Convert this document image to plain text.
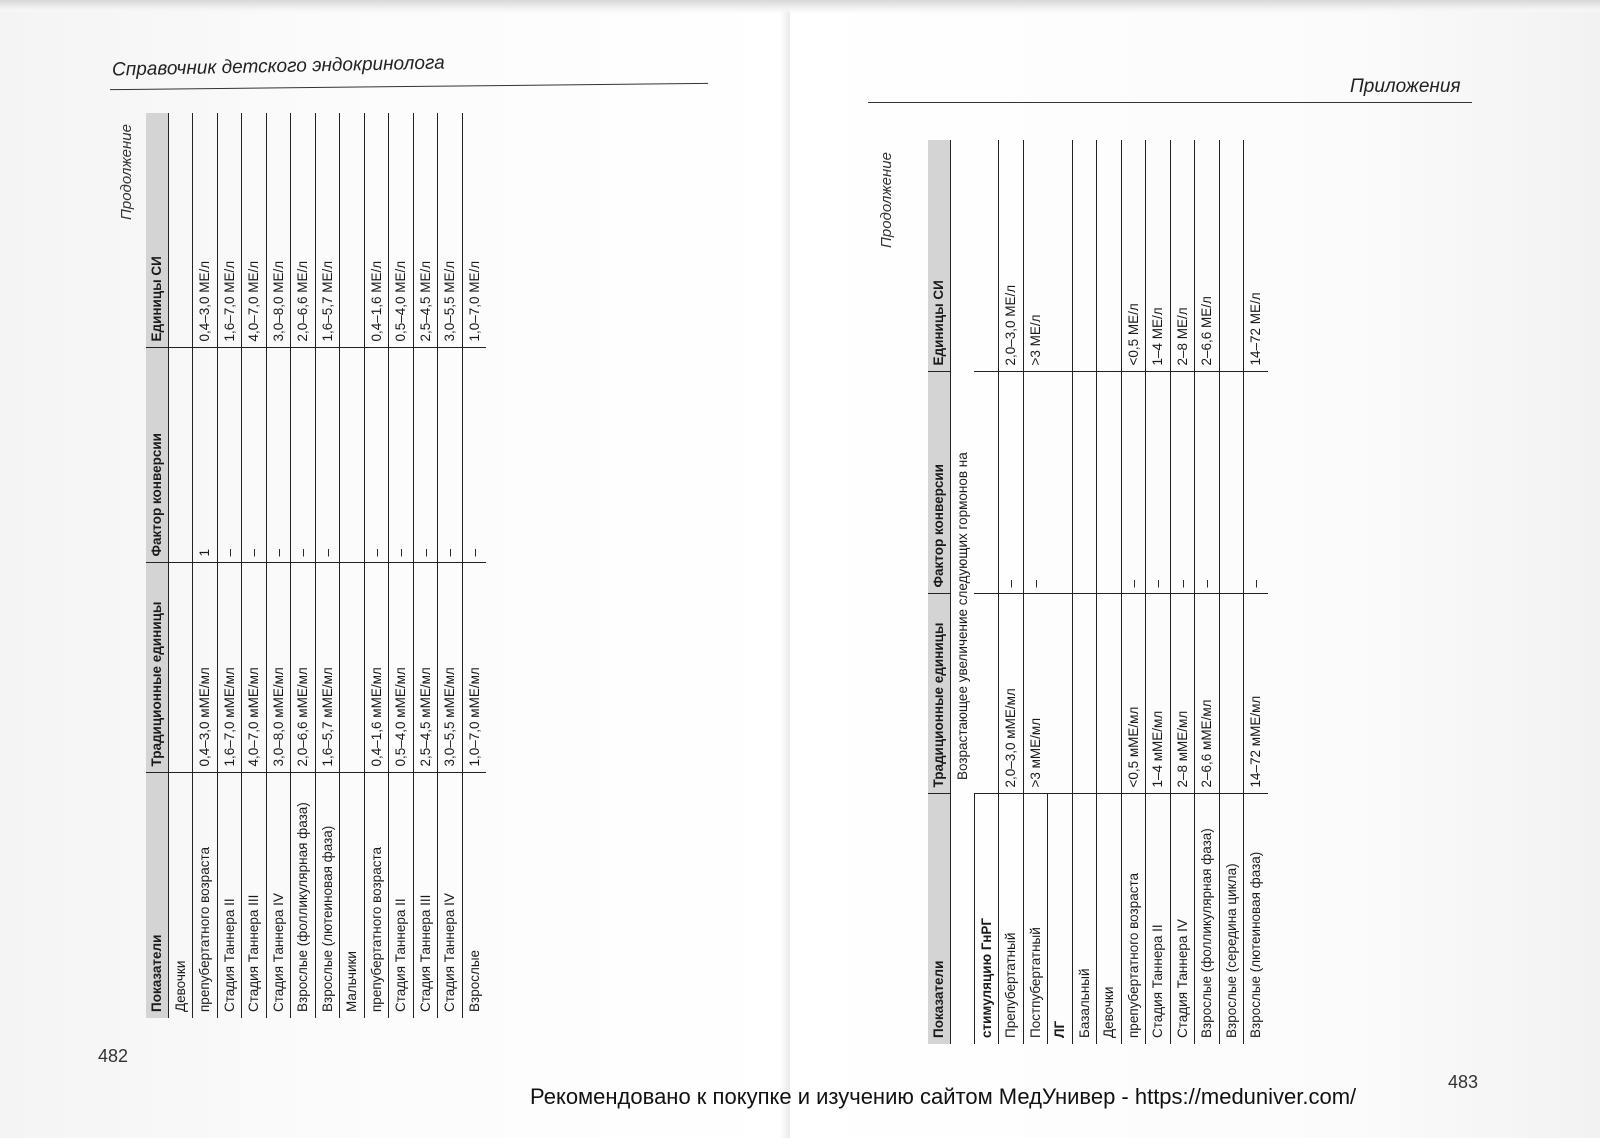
Справочник детского эндокринолога
Продолжение
482
Показатели	Традиционные единицы	Фактор конверсии	Единицы СИ
Девочки			
препубертатного возраста	0,4–3,0 мМЕ/мл	1	0,4–3,0 МЕ/л
Стадия Таннера II	1,6–7,0 мМЕ/мл	–	1,6–7,0 МЕ/л
Стадия Таннера III	4,0–7,0 мМЕ/мл	–	4,0–7,0 МЕ/л
Стадия Таннера IV	3,0–8,0 мМЕ/мл	–	3,0–8,0 МЕ/л
Взрослые (фолликулярная фаза)	2,0–6,6 мМЕ/мл	–	2,0–6,6 МЕ/л
Взрослые (лютеиновая фаза)	1,6–5,7 мМЕ/мл	–	1,6–5,7 МЕ/л
Мальчики			
препубертатного возраста	0,4–1,6 мМЕ/мл	–	0,4–1,6 МЕ/л
Стадия Таннера II	0,5–4,0 мМЕ/мл	–	0,5–4,0 МЕ/л
Стадия Таннера III	2,5–4,5 мМЕ/мл	–	2,5–4,5 МЕ/л
Стадия Таннера IV	3,0–5,5 мМЕ/мл	–	3,0–5,5 МЕ/л
Взрослые	1,0–7,0 мМЕ/мл	–	1,0–7,0 МЕ/л
Приложения
Продолжение
Показатели	Традиционные единицы	Фактор конверсии	Единицы СИ
	Возрастающее увеличение следующих гормонов на		
стимуляцию ГнРГ			
Препубертатный	2,0–3,0 мМЕ/мл	–	2,0–3,0 МЕ/л
Постпубертатный	>3 мМЕ/мл	–	>3 МЕ/л
ЛГ			
Базальный			
Девочки			
препубертатного возраста	<0,5 мМЕ/мл	–	<0,5 МЕ/л
Стадия Таннера II	1–4 мМЕ/мл	–	1–4 МЕ/л
Стадия Таннера IV	2–8 мМЕ/мл	–	2–8 МЕ/л
Взрослые (фолликулярная фаза)	2–6,6 мМЕ/мл	–	2–6,6 МЕ/л
Взрослые (середина цикла)			
Взрослые (лютеиновая фаза)	14–72 мМЕ/мл	–	14–72 МЕ/л
483
Рекомендовано к покупке и изучению сайтом МедУнивер - https://meduniver.com/
